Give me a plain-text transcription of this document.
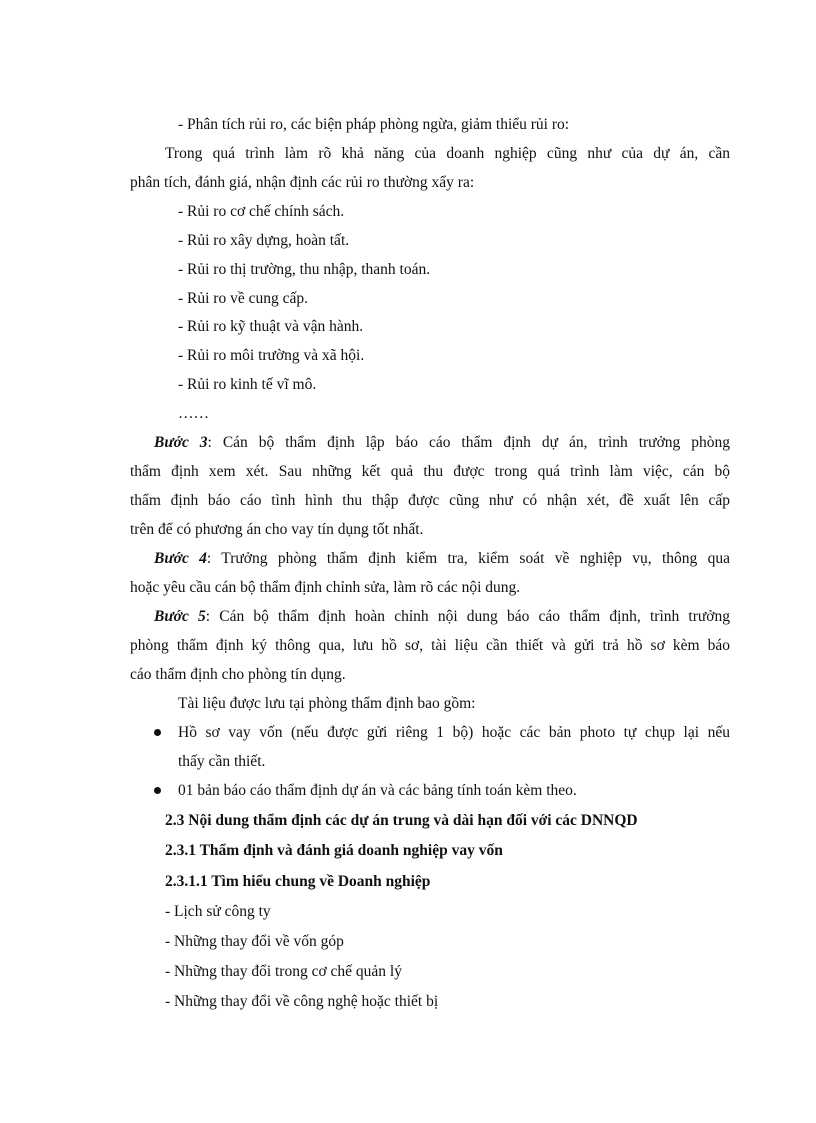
- Phân tích rủi ro, các biện pháp phòng ngừa, giảm thiểu rủi ro:
Trong quá trình làm rõ khả năng của doanh nghiệp cũng như của dự án, cần
phân tích, đánh giá, nhận định các rủi ro thường xẩy ra:
- Rủi ro cơ chế chính sách.
- Rủi ro xây dựng, hoàn tất.
- Rủi ro thị trường, thu nhập, thanh toán.
- Rủi ro về cung cấp.
- Rủi ro kỹ thuật và vận hành.
- Rủi ro môi trường và xã hội.
- Rủi ro kinh tế vĩ mô.
……
Bước 3: Cán bộ thẩm định lập báo cáo thẩm định dự án, trình trưởng phòng
thẩm định xem xét. Sau những kết quả thu được trong quá trình làm việc, cán bộ
thẩm định báo cáo tình hình thu thập được cũng như có nhận xét, đề xuất lên cấp
trên để có phương án cho vay tín dụng tốt nhất.
Bước 4: Trưởng phòng thẩm định kiểm tra, kiểm soát về nghiệp vụ, thông qua
hoặc yêu cầu cán bộ thẩm định chỉnh sửa, làm rõ các nội dung.
Bước 5: Cán bộ thẩm định hoàn chỉnh nội dung báo cáo thẩm định, trình trưởng
phòng thẩm định ký thông qua, lưu hồ sơ, tài liệu cần thiết và gửi trả hồ sơ kèm báo
cáo thẩm định cho phòng tín dụng.
Tài liệu được lưu tại phòng thẩm định bao gồm:
Hồ sơ vay vốn (nếu được gửi riêng 1 bộ) hoặc các bản photo tự chụp lại nếu
thấy cần thiết.
01 bản báo cáo thẩm định dự án và các bảng tính toán kèm theo.
2.3 Nội dung thẩm định các dự án trung và dài hạn đối với các DNNQD
2.3.1 Thẩm định và đánh giá doanh nghiệp vay vốn
2.3.1.1 Tìm hiểu chung về Doanh nghiệp
- Lịch sử công ty
- Những thay đổi về vốn góp
- Những thay đổi trong cơ chế quản lý
- Những thay đổi về công nghệ hoặc thiết bị
